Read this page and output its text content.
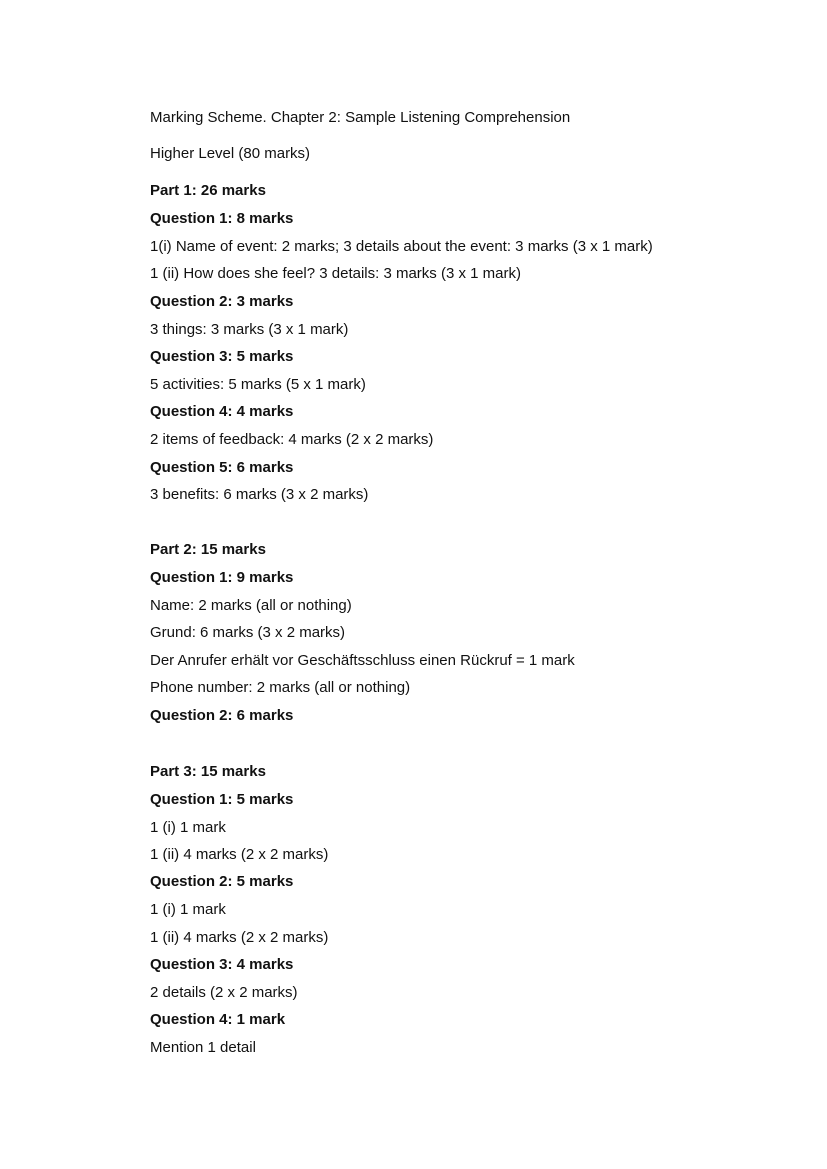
Marking Scheme. Chapter 2: Sample Listening Comprehension
Higher Level (80 marks)
Part 1: 26 marks
Question 1: 8 marks
1(i) Name of event: 2 marks; 3 details about the event: 3 marks (3 x 1 mark)
1 (ii) How does she feel? 3 details: 3 marks (3 x 1 mark)
Question 2: 3 marks
3 things: 3 marks (3 x 1 mark)
Question 3: 5 marks
5 activities: 5 marks (5 x 1 mark)
Question 4: 4 marks
2 items of feedback: 4 marks (2 x 2 marks)
Question 5: 6 marks
3 benefits: 6 marks (3 x 2 marks)
Part 2: 15 marks
Question 1: 9 marks
Name: 2 marks (all or nothing)
Grund: 6 marks (3 x 2 marks)
Der Anrufer erhält vor Geschäftsschluss einen Rückruf = 1 mark
Phone number: 2 marks (all or nothing)
Question 2: 6 marks
Part 3: 15 marks
Question 1: 5 marks
1 (i) 1 mark
1 (ii) 4 marks (2 x 2 marks)
Question 2: 5 marks
1 (i) 1 mark
1 (ii) 4 marks (2 x 2 marks)
Question 3: 4 marks
2 details (2 x 2 marks)
Question 4: 1 mark
Mention 1 detail
